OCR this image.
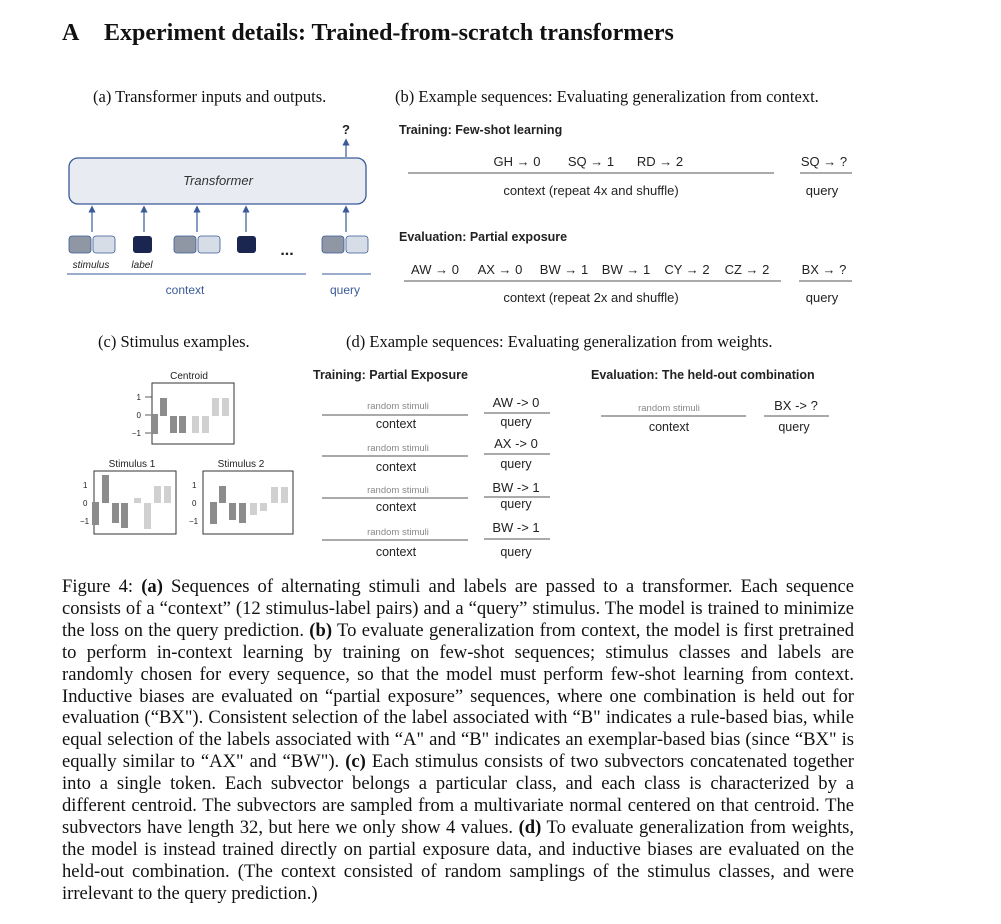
A Experiment details: Trained-from-scratch transformers
(a) Transformer inputs and outputs.	(b) Example sequences: Evaluating generalization from context.
(c) Stimulus examples.	(d) Example sequences: Evaluating generalization from weights.
?
Transformer
...
stimulus label
context	query
Training: Few-shot learning
GH → 0 SQ → 1 RD → 2	SQ → ?
context (repeat 4x and shuffle)	query
Evaluation: Partial exposure
AW → 0 AX → 0 BW → 1 BW → 1 CY → 2 CZ → 2 BX → ?
context (repeat 2x and shuffle)	query
Centroid
1
0
−1
Stimulus 1
1
0
−1
Stimulus 2
1
0
−1
Training: Partial Exposure
random stimuli
context
AW -> 0
query
random stimuli
context
AX -> 0
query
random stimuli
context
BW -> 1
query
random stimuli
context
BW -> 1
query
Evaluation: The held-out combination
random stimuli
context
BX -> ?
query
Figure 4: (a) Sequences of alternating stimuli and labels are passed to a transformer. Each sequence consists of a “context” (12 stimulus-label pairs) and a “query” stimulus. The model is trained to minimize the loss on the query prediction. (b) To evaluate generalization from context, the model is first pretrained to perform in-context learning by training on few-shot sequences; stimulus classes and labels are randomly chosen for every sequence, so that the model must perform few-shot learning from context. Inductive biases are evaluated on “partial exposure” sequences, where one combination is held out for evaluation (“BX"). Consistent selection of the label associated with “B" indicates a rule-based bias, while equal selection of the labels associated with “A" and “B" indicates an exemplar-based bias (since “BX" is equally similar to “AX" and “BW"). (c) Each stimulus consists of two subvectors concatenated together into a single token. Each subvector belongs a particular class, and each class is characterized by a different centroid. The subvectors are sampled from a multivariate normal centered on that centroid. The subvectors have length 32, but here we only show 4 values. (d) To evaluate generalization from weights, the model is instead trained directly on partial exposure data, and inductive biases are evaluated on the held-out combination. (The context consisted of random samplings of the stimulus classes, and were irrelevant to the query prediction.)
